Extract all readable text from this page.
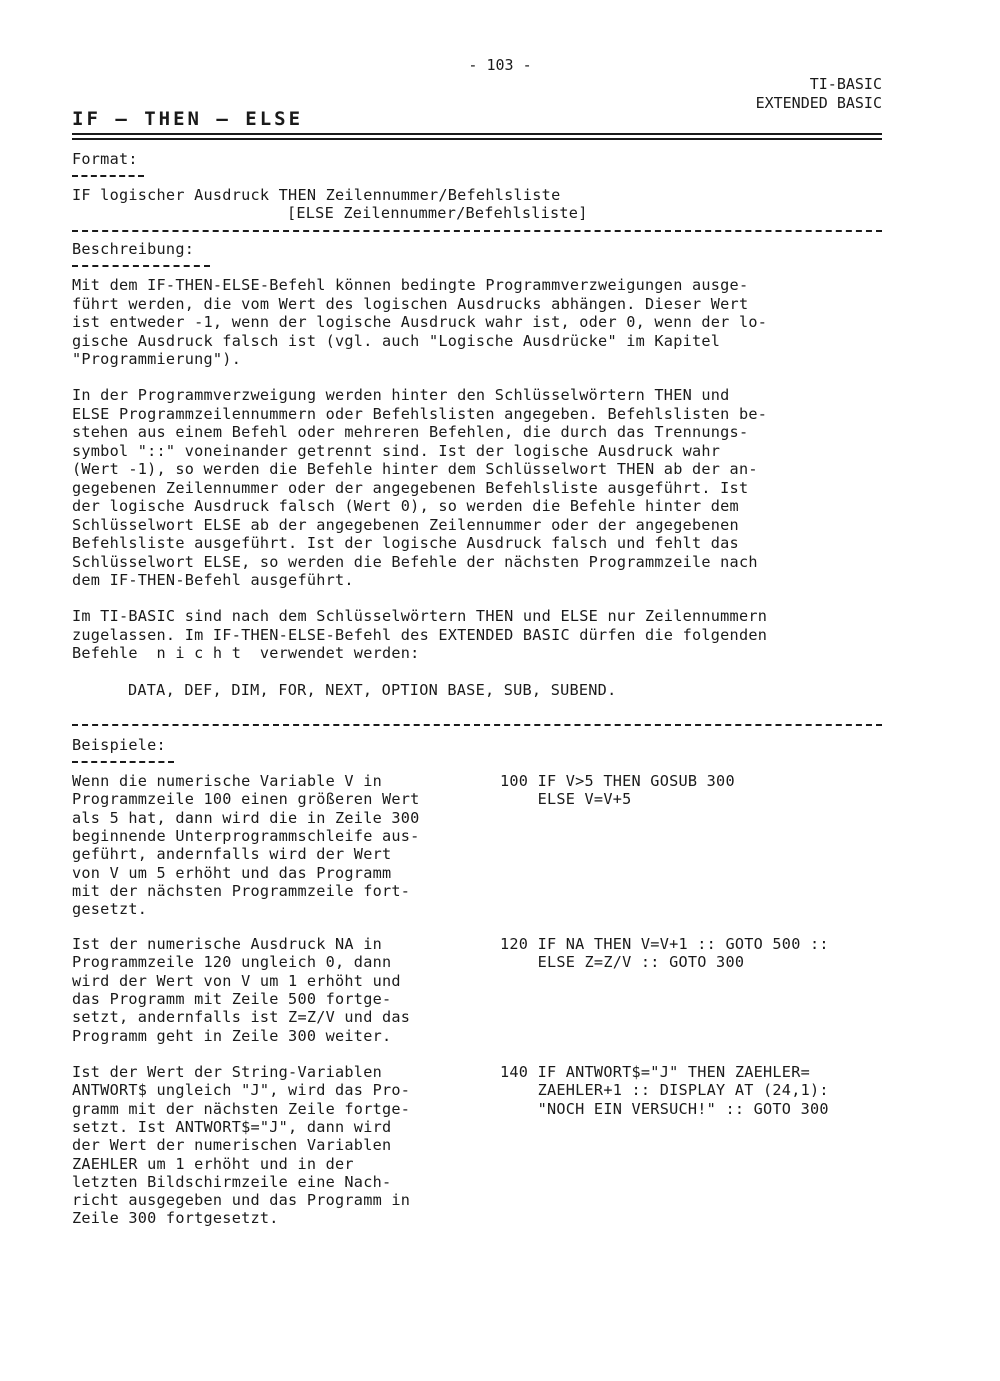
- 103 -
TI-BASIC
EXTENDED BASIC
IF — THEN — ELSE
Format:
IF logischer Ausdruck THEN Zeilennummer/Befehlsliste
[ELSE Zeilennummer/Befehlsliste]
Beschreibung:
Mit dem IF-THEN-ELSE-Befehl können bedingte Programmverzweigungen ausge-
führt werden, die vom Wert des logischen Ausdrucks abhängen. Dieser Wert
ist entweder -1, wenn der logische Ausdruck wahr ist, oder 0, wenn der lo-
gische Ausdruck falsch ist (vgl. auch "Logische Ausdrücke" im Kapitel
"Programmierung").
In der Programmverzweigung werden hinter den Schlüsselwörtern THEN und
ELSE Programmzeilennummern oder Befehlslisten angegeben. Befehlslisten be-
stehen aus einem Befehl oder mehreren Befehlen, die durch das Trennungs-
symbol "::" voneinander getrennt sind. Ist der logische Ausdruck wahr
(Wert -1), so werden die Befehle hinter dem Schlüsselwort THEN ab der an-
gegebenen Zeilennummer oder der angegebenen Befehlsliste ausgeführt. Ist
der logische Ausdruck falsch (Wert 0), so werden die Befehle hinter dem
Schlüsselwort ELSE ab der angegebenen Zeilennummer oder der angegebenen
Befehlsliste ausgeführt. Ist der logische Ausdruck falsch und fehlt das
Schlüsselwort ELSE, so werden die Befehle der nächsten Programmzeile nach
dem IF-THEN-Befehl ausgeführt.
Im TI-BASIC sind nach dem Schlüsselwörtern THEN und ELSE nur Zeilennummern
zugelassen. Im IF-THEN-ELSE-Befehl des EXTENDED BASIC dürfen die folgenden
Befehle  n i c h t  verwendet werden:
DATA, DEF, DIM, FOR, NEXT, OPTION BASE, SUB, SUBEND.
Beispiele:
Wenn die numerische Variable V in
Programmzeile 100 einen größeren Wert
als 5 hat, dann wird die in Zeile 300
beginnende Unterprogrammschleife aus-
geführt, andernfalls wird der Wert
von V um 5 erhöht und das Programm
mit der nächsten Programmzeile fort-
gesetzt.
100 IF V>5 THEN GOSUB 300
ELSE V=V+5
Ist der numerische Ausdruck NA in
Programmzeile 120 ungleich 0, dann
wird der Wert von V um 1 erhöht und
das Programm mit Zeile 500 fortge-
setzt, andernfalls ist Z=Z/V und das
Programm geht in Zeile 300 weiter.
120 IF NA THEN V=V+1 :: GOTO 500 ::
ELSE Z=Z/V :: GOTO 300
Ist der Wert der String-Variablen
ANTWORT$ ungleich "J", wird das Pro-
gramm mit der nächsten Zeile fortge-
setzt. Ist ANTWORT$="J", dann wird
der Wert der numerischen Variablen
ZAEHLER um 1 erhöht und in der
letzten Bildschirmzeile eine Nach-
richt ausgegeben und das Programm in
Zeile 300 fortgesetzt.
140 IF ANTWORT$="J" THEN ZAEHLER=
ZAEHLER+1 :: DISPLAY AT (24,1):
"NOCH EIN VERSUCH!" :: GOTO 300
